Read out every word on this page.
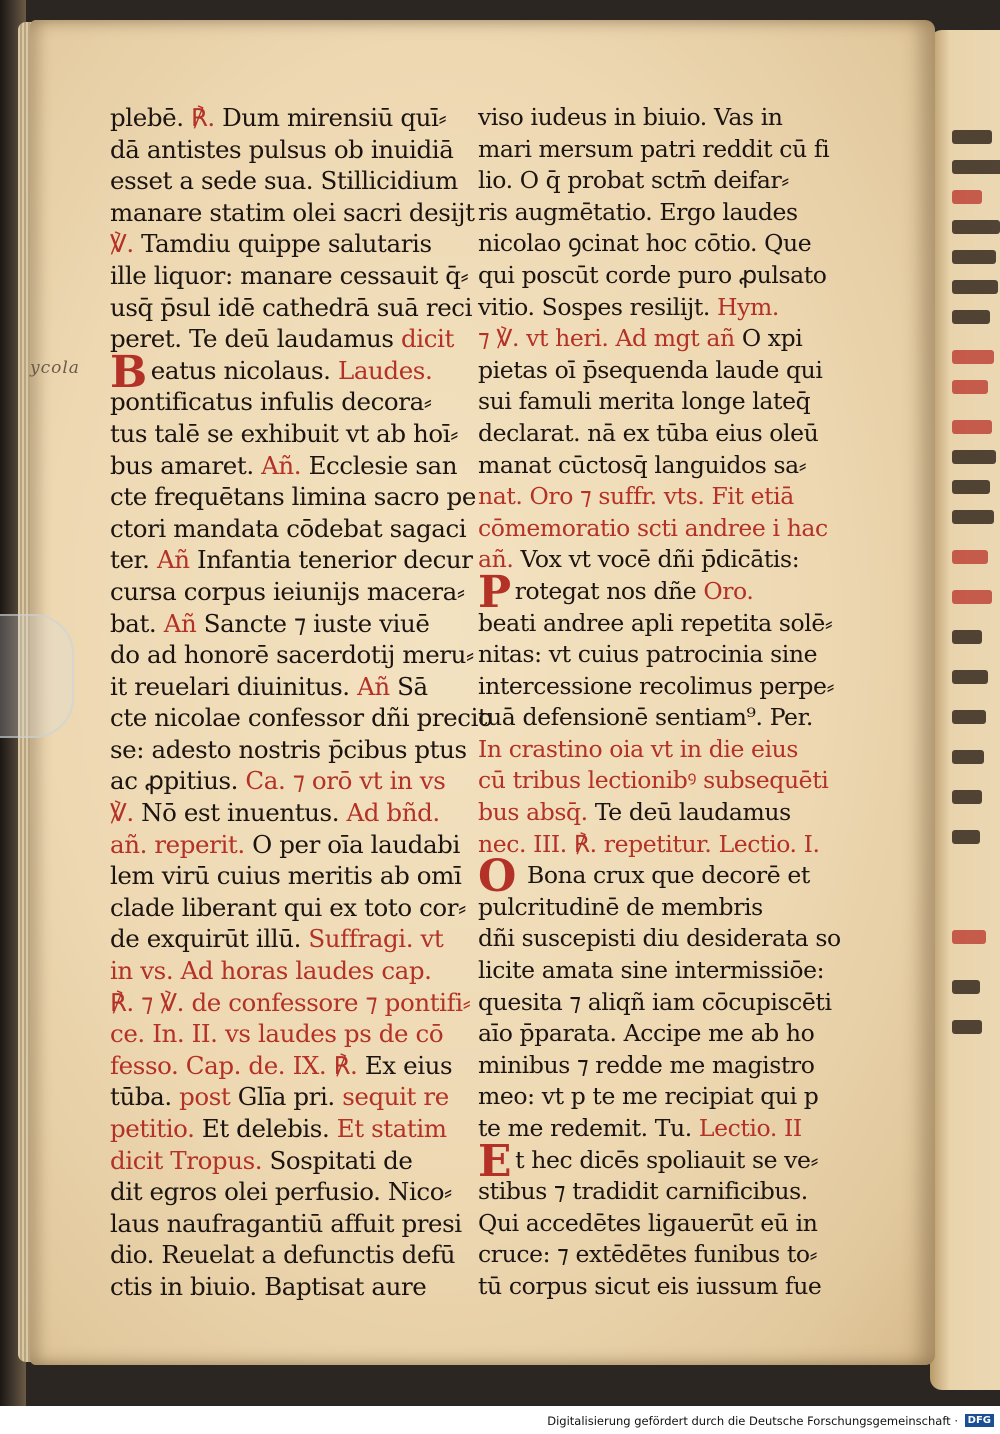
ycola
plebē. ℟. Dum mirensiū quī⸗
dā antistes pulsus ob inuidiā
esset a sede sua. Stillicidium
manare statim olei sacri desijt
℣. Tamdiu quippe salutaris
ille liquor: manare cessauit q̄⸗
usq̄ p̄sul idē cathedrā suā reci
peret. Te deū laudamus dicit
Beatus nicolaus. Laudes.
pontificatus infulis decora⸗
tus talē se exhibuit vt ab hoī⸗
bus amaret. Añ. Ecclesie san
cte frequētans limina sacro pe
ctori mandata cōdebat sagaci
ter. Añ Infantia tenerior decur
cursa corpus ieiunijs macera⸗
bat. Añ Sancte ⁊ iuste viuē
do ad honorē sacerdotij meru⸗
it reuelari diuinitus. Añ Sā
cte nicolae confessor dñi precio
se: adesto nostris p̄cibus ptus
ac ꝓpitius. Ca. ⁊ orō vt in vs
℣. Nō est inuentus. Ad bñd.
añ. reperit. O per oīa laudabi
lem virū cuius meritis ab omī
clade liberant qui ex toto cor⸗
de exquirūt illū. Suffragi. vt
in vs. Ad horas laudes cap.
℟. ⁊ ℣. de confessore ⁊ pontifi⸗
ce. In. II. vs laudes ps de cō
fesso. Cap. de. IX. ℟. Ex eius
tūba. post Glīa pri. sequit re
petitio. Et delebis. Et statim
dicit Tropus. Sospitati de
dit egros olei perfusio. Nico⸗
laus naufragantiū affuit presi
dio. Reuelat a defunctis defū
ctis in biuio. Baptisat aure
viso iudeus in biuio. Vas in
mari mersum patri reddit cū fi
lio. O q̄ probat sctm̄ deifar⸗
ris augmētatio. Ergo laudes
nicolao ꝯcinat hoc cōtio. Que
qui poscūt corde puro ꝓulsato
vitio. Sospes resilijt. Hym.
⁊ ℣. vt heri. Ad mgt añ O xpi
pietas oī p̄sequenda laude qui
sui famuli merita longe lateq̄
declarat. nā ex tūba eius oleū
manat cūctosq̄ languidos sa⸗
nat. Oro ⁊ suffr. vts. Fit etiā
cōmemoratio scti andree i hac
añ. Vox vt vocē dñi p̄dicātis:
Protegat nos dñe Oro.
beati andree apli repetita solē⸗
nitas: vt cuius patrocinia sine
intercessione recolimus perpe⸗
tuā defensionē sentiam⁹. Per.
In crastino oia vt in die eius
cū tribus lectionibꝰ subsequēti
bus absq̄. Te deū laudamus
nec. III. ℟. repetitur. Lectio. I.
O Bona crux que decorē et
pulcritudinē de membris
dñi suscepisti diu desiderata so
licite amata sine intermissiōe:
quesita ⁊ aliqñ iam cōcupiscēti
aīo p̄parata. Accipe me ab ho
minibus ⁊ redde me magistro
meo: vt p te me recipiat qui p
te me redemit. Tu. Lectio. II
Et hec dicēs spoliauit se ve⸗
stibus ⁊ tradidit carnificibus.
Qui accedētes ligauerūt eū in
cruce: ⁊ extēdētes funibus to⸗
tū corpus sicut eis iussum fue
Digitalisierung gefördert durch die Deutsche Forschungsgemeinschaft · DFG
